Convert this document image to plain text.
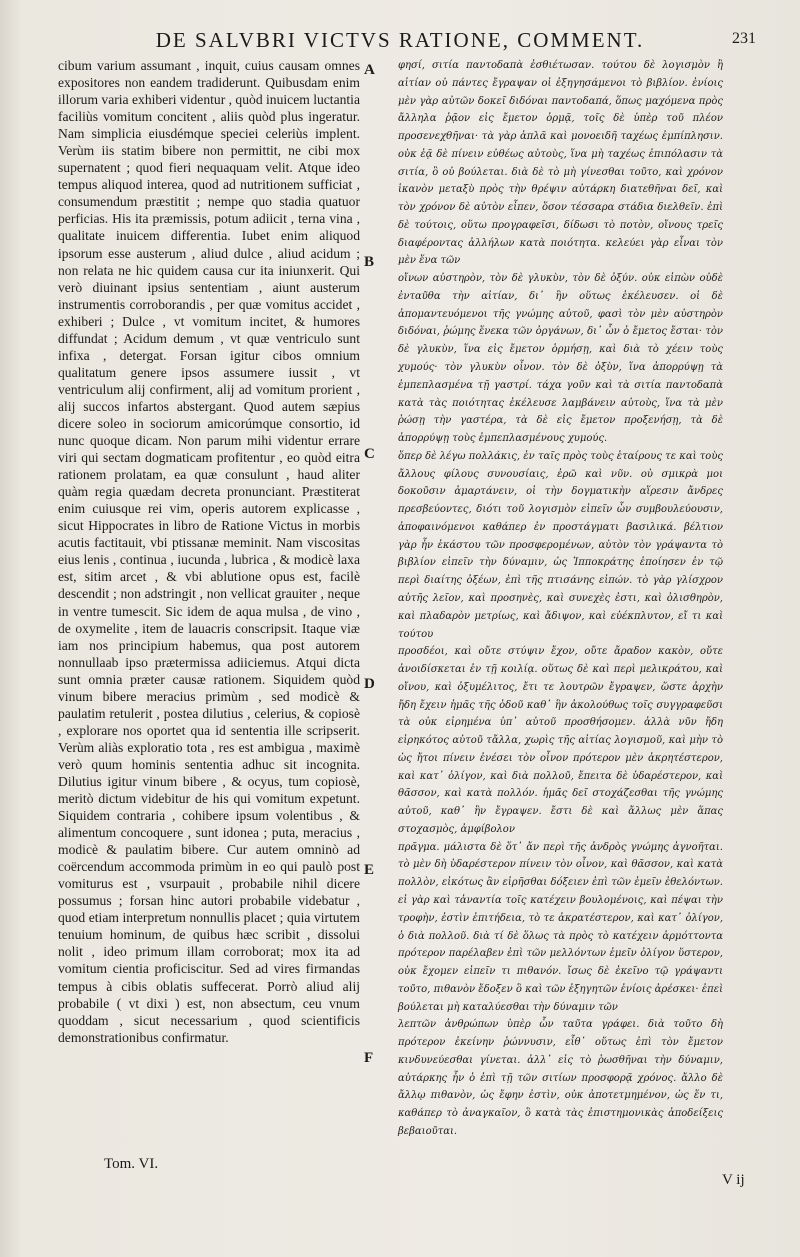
DE SALVBRI VICTVS RATIONE, COMMENT.	231

cibum varium assumant , inquit, cuius causam omnes expositores non eandem tradiderunt. Quibusdam enim illorum varia exhiberi videntur , quòd inuicem luctantia faciliùs vomitum concitent , aliis quòd plus ingeratur. Nam simplicia eiusdémque speciei celeriùs implent. Verùm iis statim bibere non permittit, ne cibi mox supernatent ; quod fieri nequaquam velit. Atque ideo tempus aliquod interea, quod ad nutritionem sufficiat , consumendum præstitit ; nempe quo stadia quatuor perficias. His ita præmissis, potum adiicit , terna vina , qualitate inuicem differentia. Iubet enim aliquod ipsorum esse austerum , aliud dulce , aliud acidum ; non relata ne hic quidem causa cur ita iniunxerit. Qui verò diuinant ipsius sententiam , aiunt austerum instrumentis corroborandis , per quæ vomitus accidet , exhiberi ; Dulce , vt vomitum incitet, & humores diffundat ; Acidum demum , vt quæ ventriculo sunt infixa , detergat. Forsan igitur cibos omnium qualitatum genere ipsos assumere iussit , vt ventriculum alij confirment, alij ad vomitum prorient , alij succos infartos abstergant. Quod autem sæpius dicere soleo in sociorum amicorúmque consortio, id nunc quoque dicam. Non parum mihi videntur errare viri qui sectam dogmaticam profitentur , eo quòd eitra rationem prolatam, ea quæ consulunt , haud aliter quàm regia quædam decreta pronunciant. Præstiterat enim cuiusque rei vim, operis autorem explicasse , sicut Hippocrates in libro de Ratione Victus in morbis acutis factitauit, vbi ptissanæ meminit. Nam viscositas eius lenis , continua , iucunda , lubrica , & modicè laxa est, sitim arcet , & vbi ablutione opus est, facilè descendit ; non adstringit , non vellicat grauiter , neque in ventre tumescit. Sic idem de aqua mulsa , de vino , de oxymelite , item de lauacris conscripsit. Itaque viæ iam nos principium habemus, qua post autorem nonnullaab ipso prætermissa adiiciemus. Atqui dicta sunt omnia præter causæ rationem. Siquidem quòd vinum bibere meracius primùm , sed modicè & paulatim retulerit , postea dilutius , celerius, & copiosè , explorare nos oportet qua id sententia ille scripserit. Verùm aliàs exploratio tota , res est ambigua , maximè verò quum hominis sententia adhuc sit incognita. Dilutius igitur vinum bibere , & ocyus, tum copiosè, meritò dictum videbitur de his qui vomitum expetunt. Siquidem contraria , cohibere ipsum volentibus , & alimentum concoquere , sunt idonea ; puta, meracius , modicè & paulatim bibere. Cur autem omninò ad coërcendum accommoda primùm in eo qui paulò post vomiturus est , vsurpauit , probabile nihil dicere possumus ; forsan hinc autori probabile videbatur , quod etiam interpretum nonnullis placet ; quia virtutem tenuium hominum, de quibus hæc scribit , dissolui nolit , ideo primum illam corroborat; mox ita ad vomitum cientia proficiscitur. Sed ad vires firmandas tempus à cibis oblatis suffecerat. Porrò aliud alij probabile ( vt dixi ) est, non absectum, ceu vnum quoddam , sicut necessarium , quod scientificis demonstrationibus confirmatur.

A
B
C
D
E
F

φησί, σιτία παντοδαπὰ ἐσθιέτωσαν. τούτου δὲ λογισμὸν ἢ αἰτίαν οὐ πάντες ἔγραψαν οἱ ἐξηγησάμενοι τὸ βιβλίον. ἐνίοις μὲν γὰρ αὐτῶν δοκεῖ διδόναι παντοδαπά, ὅπως μαχόμενα πρὸς ἄλληλα ῥᾷον εἰς ἔμετον ὁρμᾷ, τοῖς δὲ ὑπὲρ τοῦ πλέον προσενεχθῆναι· τὰ γὰρ ἁπλᾶ καὶ μονοειδῆ ταχέως ἐμπίπλησιν. οὐκ ἐᾷ δὲ πίνειν εὐθέως αὐτοὺς, ἵνα μὴ ταχέως ἐπιπόλασιν τὰ σιτία, ὃ οὐ βούλεται. διὰ δὲ τὸ μὴ γίνεσθαι τοῦτο, καὶ χρόνον ἱκανὸν μεταξὺ πρὸς τὴν θρέψιν αὐτάρκη διατεθῆναι δεῖ, καὶ τὸν χρόνον δὲ αὐτὸν εἶπεν, ὅσον τέσσαρα στάδια διελθεῖν. ἐπὶ δὲ τούτοις, οὕτω προγραφεῖσι, δίδωσι τὸ ποτὸν, οἴνους τρεῖς διαφέροντας ἀλλήλων κατὰ ποιότητα. κελεύει γὰρ εἶναι τὸν μὲν ἕνα τῶν

οἴνων αὐστηρὸν, τὸν δὲ γλυκὺν, τὸν δὲ ὀξύν. οὐκ εἰπὼν οὐδὲ ἐνταῦθα τὴν αἰτίαν, δι᾽ ἣν οὕτως ἐκέλευσεν. οἱ δὲ ἀπομαντευόμενοι τῆς γνώμης αὐτοῦ, φασὶ τὸν μὲν αὐστηρὸν διδόναι, ῥώμης ἕνεκα τῶν ὀργάνων, δι᾽ ὧν ὁ ἔμετος ἔσται· τὸν δὲ γλυκὺν, ἵνα εἰς ἔμετον ὁρμήσῃ, καὶ διὰ τὸ χέειν τοὺς χυμούς· τὸν γλυκὺν οἶνον. τὸν δὲ ὀξὺν, ἵνα ἀπορρύψῃ τὰ ἐμπεπλασμένα τῇ γαστρί. τάχα γοῦν καὶ τὰ σιτία παντοδαπὰ κατὰ τὰς ποιότητας ἐκέλευσε λαμβάνειν αὐτοὺς, ἵνα τὰ μὲν ῥώσῃ τὴν γαστέρα, τὰ δὲ εἰς ἔμετον προξενήσῃ, τὰ δὲ ἀπορρύψῃ τοὺς ἐμπεπλασμένους χυμούς.

ὅπερ δὲ λέγω πολλάκις, ἐν ταῖς πρὸς τοὺς ἑταίρους τε καὶ τοὺς ἄλλους φίλους συνουσίαις, ἐρῶ καὶ νῦν. οὐ σμικρὰ μοι δοκοῦσιν ἁμαρτάνειν, οἱ τὴν δογματικὴν αἵρεσιν ἄνδρες πρεσβεύοντες, διότι τοῦ λογισμὸν εἰπεῖν ὧν συμβουλεύουσιν, ἀποφαινόμενοι καθάπερ ἐν προστάγματι βασιλικά. βέλτιον γὰρ ἦν ἑκάστου τῶν προσφερομένων, αὐτὸν τὸν γράψαντα τὸ βιβλίον εἰπεῖν τὴν δύναμιν, ὡς Ἱπποκράτης ἐποίησεν ἐν τῷ περὶ διαίτης ὀξέων, ἐπὶ τῆς πτισάνης εἰπών. τὸ γὰρ γλίσχρον αὐτῆς λεῖον, καὶ προσηνὲς, καὶ συνεχὲς ἐστι, καὶ ὀλισθηρὸν, καὶ πλαδαρὸν μετρίως, καὶ ἄδιψον, καὶ εὐέκπλυτον, εἴ τι καὶ τούτου

προσδέοι, καὶ οὔτε στύψιν ἔχον, οὔτε ἄραδον κακὸν, οὔτε ἀνοιδίσκεται ἐν τῇ κοιλίᾳ. οὕτως δὲ καὶ περὶ μελικράτου, καὶ οἴνου, καὶ ὀξυμέλιτος, ἔτι τε λουτρῶν ἔγραψεν, ὥστε ἀρχὴν ἤδη ἔχειν ἡμᾶς τῆς ὁδοῦ καθ᾽ ἣν ἀκολούθως τοῖς συγγραφεῦσι τὰ οὐκ εἰρημένα ὑπ᾽ αὐτοῦ προσθήσομεν. ἀλλὰ νῦν ἤδη εἰρηκότος αὐτοῦ τἄλλα, χωρὶς τῆς αἰτίας λογισμοῦ, καὶ μὴν τὸ ὡς ἤτοι πίνειν ἐνέσει τὸν οἶνον πρότερον μὲν ἀκρητέστερον, καὶ κατ᾽ ὀλίγον, καὶ διὰ πολλοῦ, ἔπειτα δὲ ὑδαρέστερον, καὶ θᾶσσον, καὶ κατὰ πολλόν. ἡμᾶς δεῖ στοχάζεσθαι τῆς γνώμης αὐτοῦ, καθ᾽ ἣν ἔγραψεν. ἔστι δὲ καὶ ἄλλως μὲν ἅπας στοχασμὸς, ἀμφίβολον

πρᾶγμα. μάλιστα δὲ ὅτ᾽ ἄν περὶ τῆς ἀνδρὸς γνώμης ἀγνοῆται. τὸ μὲν δὴ ὑδαρέστερον πίνειν τὸν οἶνον, καὶ θᾶσσον, καὶ κατὰ πολλὸν, εἰκότως ἂν εἰρῆσθαι δόξειεν ἐπὶ τῶν ἐμεῖν ἐθελόντων. εἰ γὰρ καὶ τἀναντία τοῖς κατέχειν βουλομένοις, καὶ πέψαι τὴν τροφὴν, ἐστὶν ἐπιτήδεια, τὸ τε ἀκρατέστερον, καὶ κατ᾽ ὀλίγον, ὁ διὰ πολλοῦ. διὰ τί δὲ ὅλως τὰ πρὸς τὸ κατέχειν ἁρμόττοντα πρότερον παρέλαβεν ἐπὶ τῶν μελλόντων ἐμεῖν ὀλίγον ὕστερον, οὐκ ἔχομεν εἰπεῖν τι πιθανόν. ἴσως δὲ ἐκεῖνο τῷ γράψαντι τοῦτο, πιθανὸν ἔδοξεν ὃ καὶ τῶν ἐξηγητῶν ἐνίοις ἀρέσκει· ἐπεὶ βούλεται μὴ καταλύεσθαι τὴν δύναμιν τῶν

λεπτῶν ἀνθρώπων ὑπὲρ ὧν ταῦτα γράφει. διὰ τοῦτο δὴ πρότερον ἐκείνην ῥώννυσιν, εἶθ᾽ οὕτως ἐπὶ τὸν ἔμετον κινδυνεύεσθαι γίνεται. ἀλλ᾽ εἰς τὸ ῥωσθῆναι τὴν δύναμιν, αὐτάρκης ἦν ὁ ἐπὶ τῇ τῶν σιτίων προσφορᾷ χρόνος. ἄλλο δὲ ἄλλῳ πιθανὸν, ὡς ἔφην ἐστὶν, οὐκ ἀποτετμημένον, ὡς ἕν τι, καθάπερ τὸ ἀναγκαῖον, ὃ κατὰ τὰς ἐπιστημονικὰς ἀποδείξεις βεβαιοῦται.

Tom. VI.
V ij
